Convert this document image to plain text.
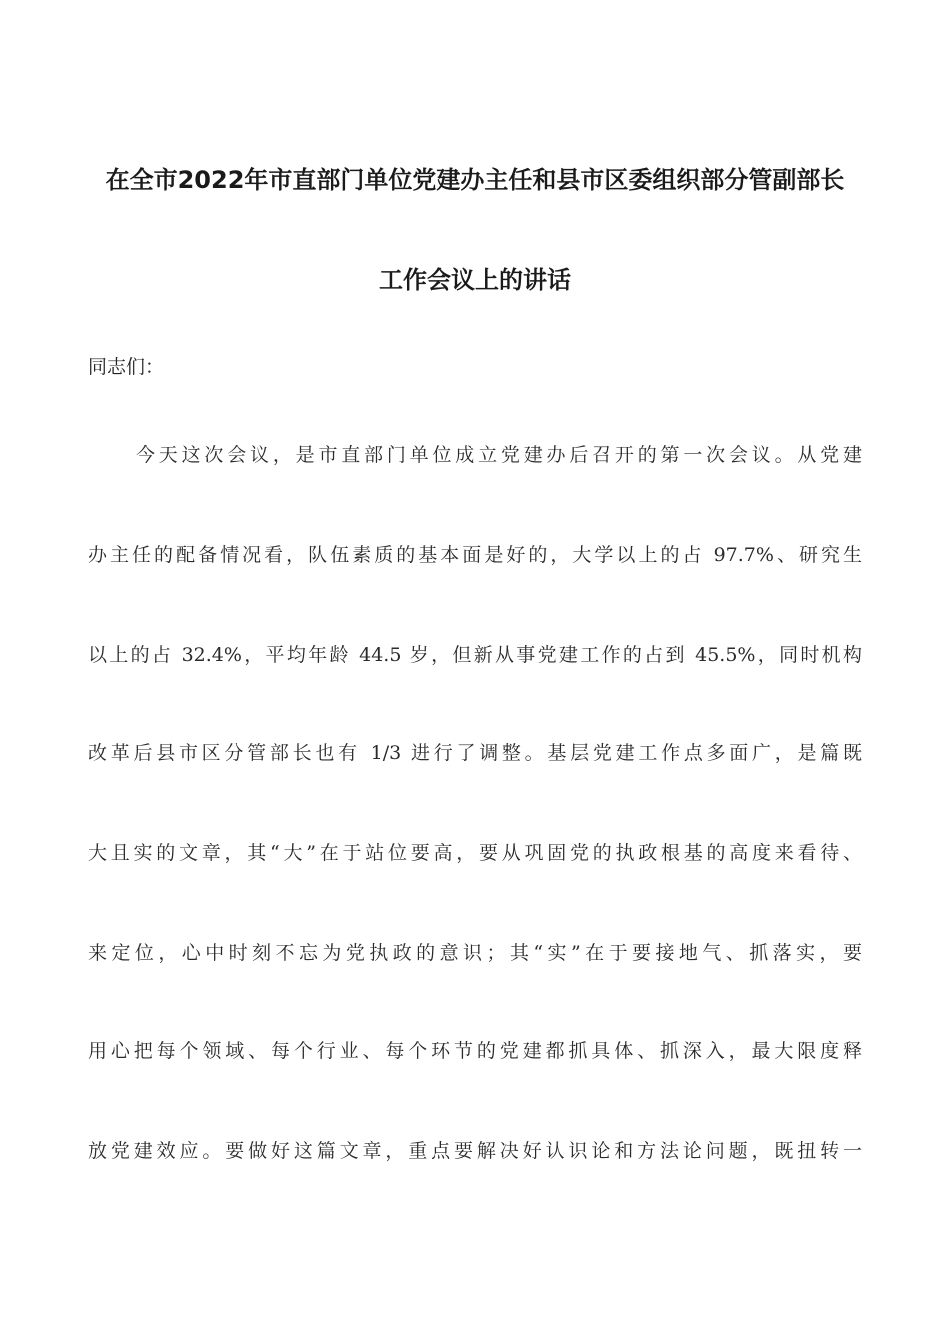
在全市2022年市直部门单位党建办主任和县市区委组织部分管副部长
工作会议上的讲话
同志们：
今天这次会议，是市直部门单位成立党建办后召开的第一次会议。从党建
办主任的配备情况看，队伍素质的基本面是好的，大学以上的占 97.7%、研究生
以上的占 32.4%，平均年龄 44.5 岁，但新从事党建工作的占到 45.5%，同时机构
改革后县市区分管部长也有 1/3 进行了调整。基层党建工作点多面广，是篇既
大且实的文章，其“大”在于站位要高，要从巩固党的执政根基的高度来看待、
来定位，心中时刻不忘为党执政的意识；其“实”在于要接地气、抓落实，要
用心把每个领域、每个行业、每个环节的党建都抓具体、抓深入，最大限度释
放党建效应。要做好这篇文章，重点要解决好认识论和方法论问题，既扭转一
